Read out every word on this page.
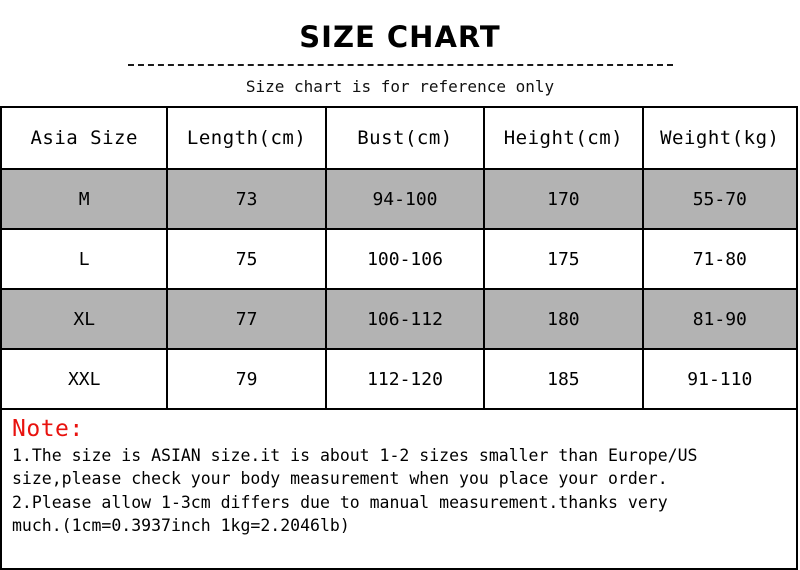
SIZE CHART
Size chart is for reference only
Asia Size	Length(cm)	Bust(cm)	Height(cm)	Weight(kg)
M	73	94-100	170	55-70
L	75	100-106	175	71-80
XL	77	106-112	180	81-90
XXL	79	112-120	185	91-110
Note:
1.The size is ASIAN size.it is about 1-2 sizes smaller than Europe/US
size,please check your body measurement when you place your order.
2.Please allow 1-3cm differs due to manual measurement.thanks very
much.(1cm=0.3937inch 1kg=2.2046lb)
